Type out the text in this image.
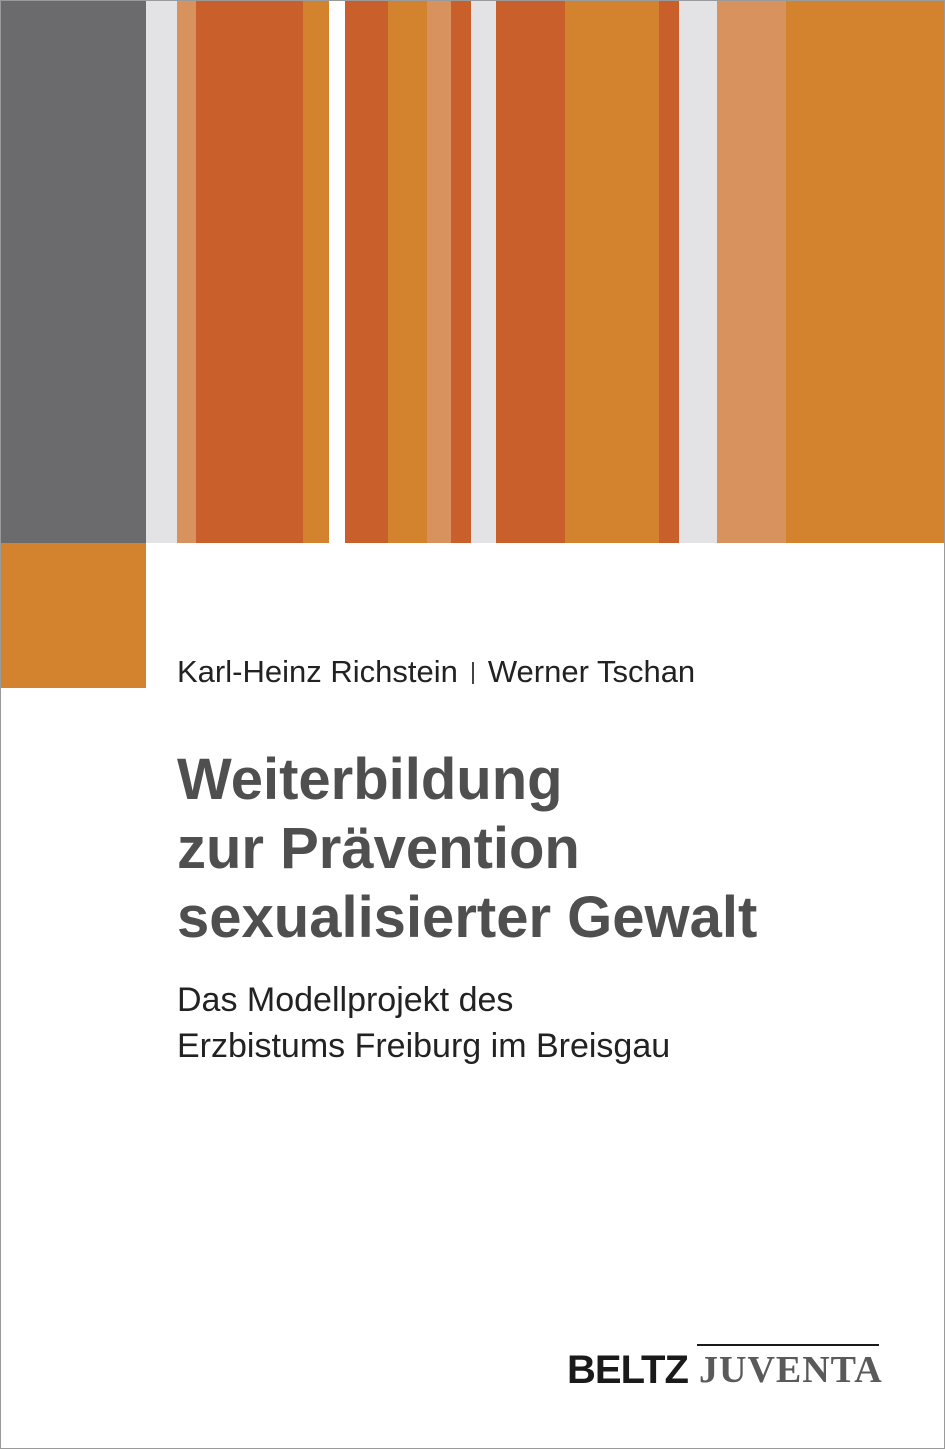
Karl-Heinz Richstein Werner Tschan
Weiterbildung
zur Prävention
sexualisierter Gewalt

Das Modellprojekt des
Erzbistums Freiburg im Breisgau

BELTZ JUVENTA
